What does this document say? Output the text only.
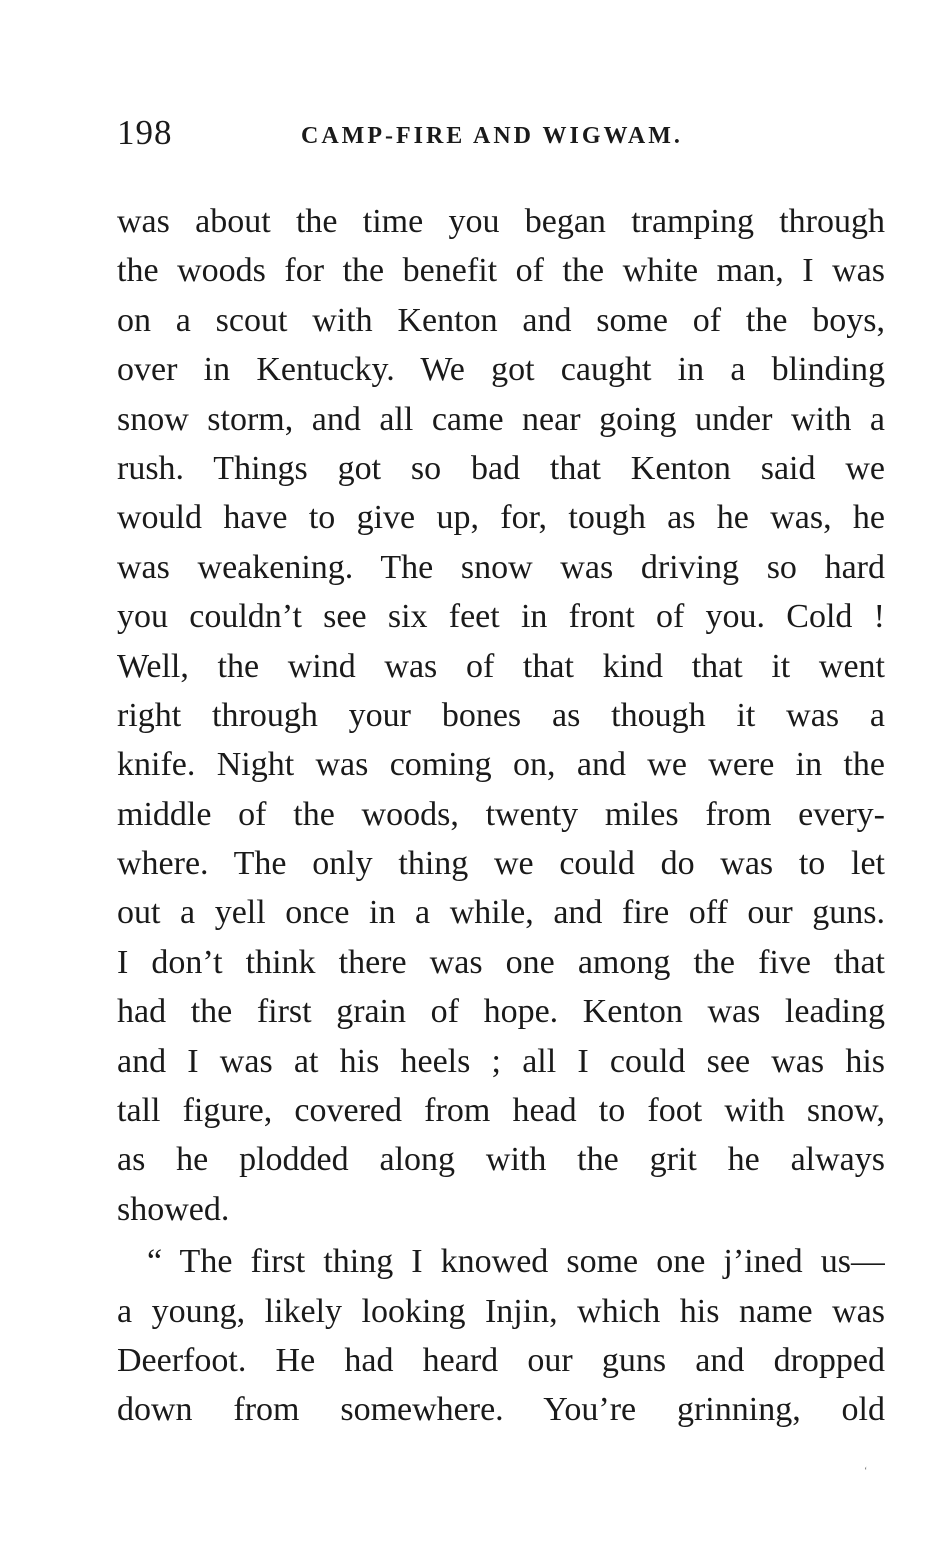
198	CAMP-FIRE AND WIGWAM.
was about the time you began tramping through
the woods for the benefit of the white man, I was
on a scout with Kenton and some of the boys,
over in Kentucky. We got caught in a blinding
snow storm, and all came near going under with a
rush. Things got so bad that Kenton said we
would have to give up, for, tough as he was, he
was weakening. The snow was driving so hard
you couldn’t see six feet in front of you. Cold !
Well, the wind was of that kind that it went
right through your bones as though it was a
knife. Night was coming on, and we were in the
middle of the woods, twenty miles from every-
where. The only thing we could do was to let
out a yell once in a while, and fire off our guns.
I don’t think there was one among the five that
had the first grain of hope. Kenton was leading
and I was at his heels ; all I could see was his
tall figure, covered from head to foot with snow,
as he plodded along with the grit he always
showed.
“ The first thing I knowed some one j’ined us—
a young, likely looking Injin, which his name was
Deerfoot. He had heard our guns and dropped
down from somewhere. You’re grinning, old
‘
